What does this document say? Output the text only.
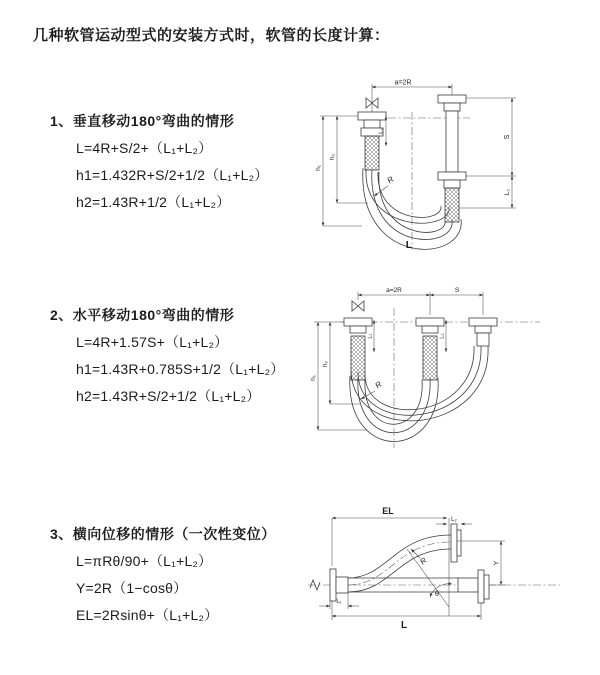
几种软管运动型式的安装方式时，软管的长度计算：

1、垂直移动180°弯曲的情形

L=4R+S/2+（L₁+L₂）

h1=1.432R+S/2+1/2（L₁+L₂）

h2=1.43R+1/2（L₁+L₂）

2、水平移动180°弯曲的情形

L=4R+1.57S+（L₁+L₂）

h1=1.43R+0.785S+1/2（L₁+L₂）

h2=1.43R+S/2+1/2（L₁+L₂）

3、横向位移的情形（一次性变位）

L=πRθ/90+（L₁+L₂）

Y=2R（1−cosθ）

EL=2Rsinθ+（L₁+L₂）

a=2R
L₁
S
L₂
h₁
h₂
R
L
a=2R	S
L₁	L₂
h₁
h₂
R
θ
EL
L
Y
L₂
L₁
R
